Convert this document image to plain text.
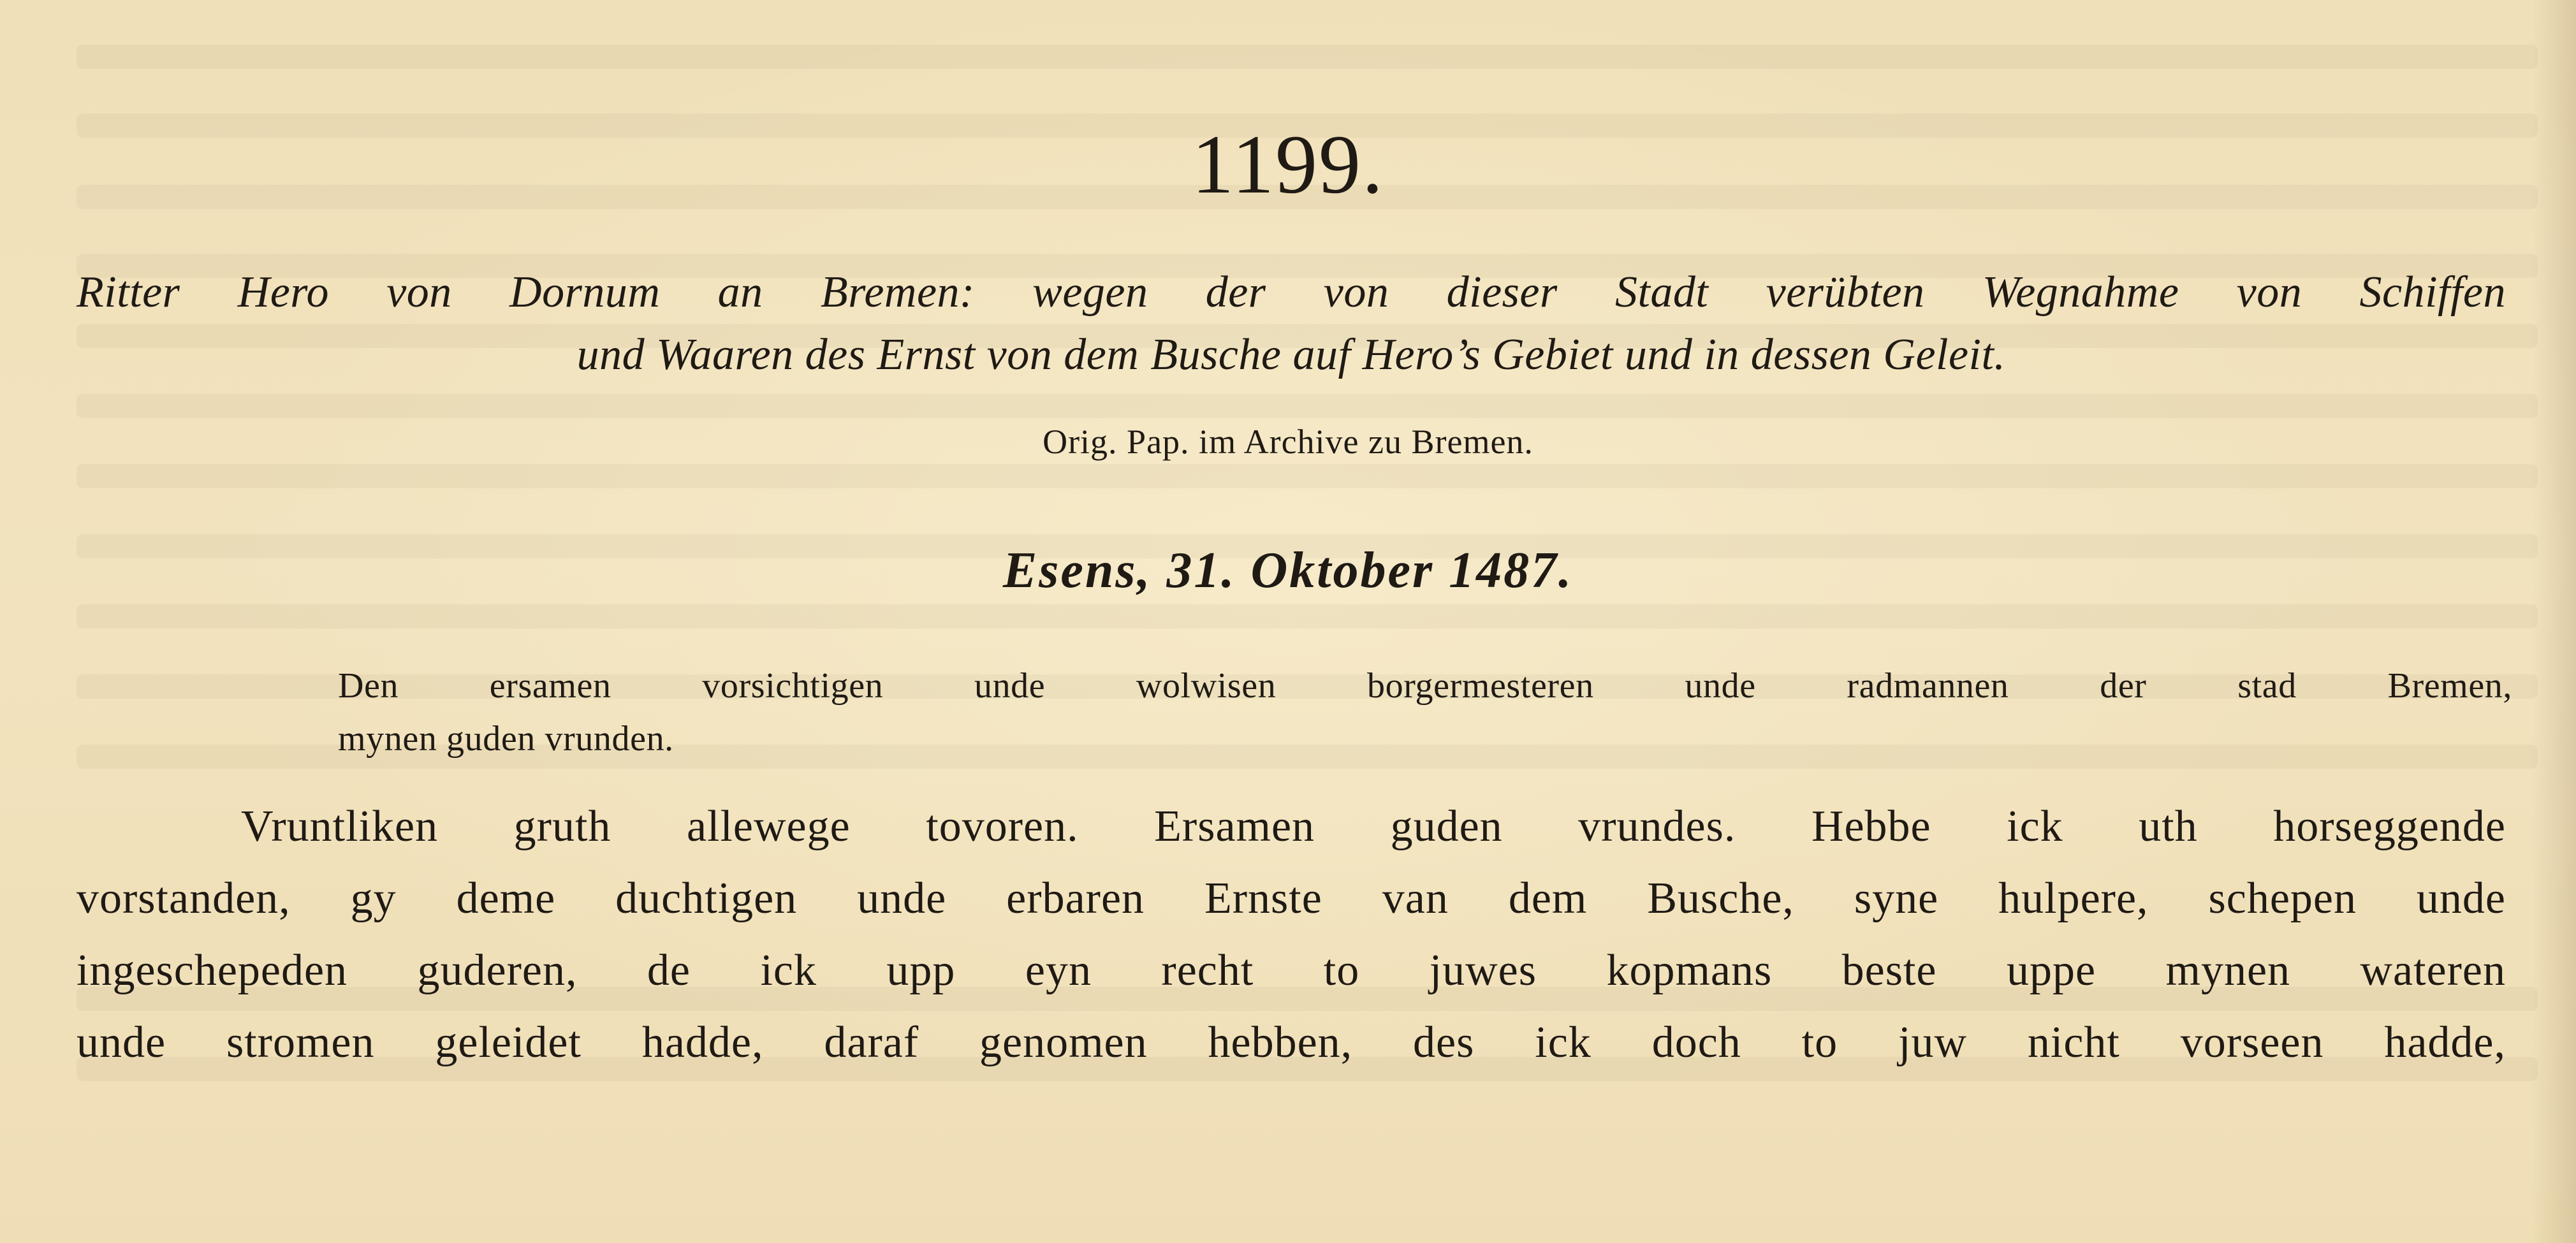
1199.
Ritter Hero von Dornum an Bremen: wegen der von dieser Stadt verübten Wegnahme von Schiffen
und Waaren des Ernst von dem Busche auf Hero’s Gebiet und in dessen Geleit.
Orig. Pap. im Archive zu Bremen.
Esens, 31. Oktober 1487.
Den ersamen vorsichtigen unde wolwisen borgermesteren unde radmannen der stad Bremen,
mynen guden vrunden.
Vruntliken gruth allewege tovoren. Ersamen guden vrundes. Hebbe ick uth horseggende
vorstanden, gy deme duchtigen unde erbaren Ernste van dem Busche, syne hulpere, schepen unde
ingeschepeden guderen, de ick upp eyn recht to juwes kopmans beste uppe mynen wateren
unde stromen geleidet hadde, daraf genomen hebben, des ick doch to juw nicht vorseen hadde,
